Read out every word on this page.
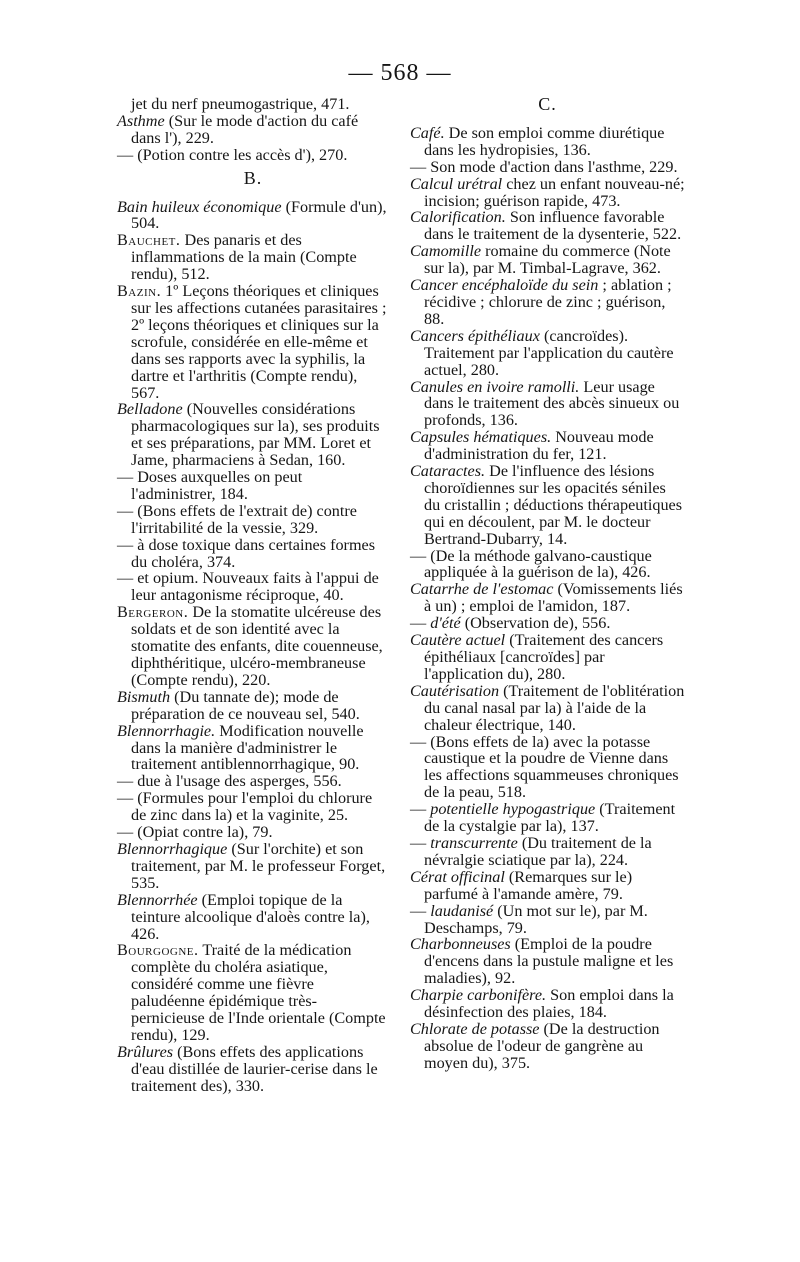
— 568 —

jet du nerf pneumogastrique, 471.

Asthme (Sur le mode d'action du café dans l'), 229.

— (Potion contre les accès d'), 270.

B.

Bain huileux économique (Formule d'un), 504.

Bauchet. Des panaris et des inflammations de la main (Compte rendu), 512.

Bazin. 1º Leçons théoriques et cliniques sur les affections cutanées parasitaires ; 2º leçons théoriques et cliniques sur la scrofule, considérée en elle-même et dans ses rapports avec la syphilis, la dartre et l'arthritis (Compte rendu), 567.

Belladone (Nouvelles considérations pharmacologiques sur la), ses produits et ses préparations, par MM. Loret et Jame, pharmaciens à Sedan, 160.

— Doses auxquelles on peut l'administrer, 184.

— (Bons effets de l'extrait de) contre l'irritabilité de la vessie, 329.

— à dose toxique dans certaines formes du choléra, 374.

— et opium. Nouveaux faits à l'appui de leur antagonisme réciproque, 40.

Bergeron. De la stomatite ulcéreuse des soldats et de son identité avec la stomatite des enfants, dite couenneuse, diphthéritique, ulcéro-membraneuse (Compte rendu), 220.

Bismuth (Du tannate de); mode de préparation de ce nouveau sel, 540.

Blennorrhagie. Modification nouvelle dans la manière d'administrer le traitement antiblennorrhagique, 90.

— due à l'usage des asperges, 556.

— (Formules pour l'emploi du chlorure de zinc dans la) et la vaginite, 25.

— (Opiat contre la), 79.

Blennorrhagique (Sur l'orchite) et son traitement, par M. le professeur Forget, 535.

Blennorrhée (Emploi topique de la teinture alcoolique d'aloès contre la), 426.

Bourgogne. Traité de la médication complète du choléra asiatique, considéré comme une fièvre paludéenne épidémique très-pernicieuse de l'Inde orientale (Compte rendu), 129.

Brûlures (Bons effets des applications d'eau distillée de laurier-cerise dans le traitement des), 330.

C.

Café. De son emploi comme diurétique dans les hydropisies, 136.

— Son mode d'action dans l'asthme, 229.

Calcul urétral chez un enfant nouveau-né; incision; guérison rapide, 473.

Calorification. Son influence favorable dans le traitement de la dysenterie, 522.

Camomille romaine du commerce (Note sur la), par M. Timbal-Lagrave, 362.

Cancer encéphaloïde du sein ; ablation ; récidive ; chlorure de zinc ; guérison, 88.

Cancers épithéliaux (cancroïdes). Traitement par l'application du cautère actuel, 280.

Canules en ivoire ramolli. Leur usage dans le traitement des abcès sinueux ou profonds, 136.

Capsules hématiques. Nouveau mode d'administration du fer, 121.

Cataractes. De l'influence des lésions choroïdiennes sur les opacités séniles du cristallin ; déductions thérapeutiques qui en découlent, par M. le docteur Bertrand-Dubarry, 14.

— (De la méthode galvano-caustique appliquée à la guérison de la), 426.

Catarrhe de l'estomac (Vomissements liés à un) ; emploi de l'amidon, 187.

— d'été (Observation de), 556.

Cautère actuel (Traitement des cancers épithéliaux [cancroïdes] par l'application du), 280.

Cautérisation (Traitement de l'oblitération du canal nasal par la) à l'aide de la chaleur électrique, 140.

— (Bons effets de la) avec la potasse caustique et la poudre de Vienne dans les affections squammeuses chroniques de la peau, 518.

— potentielle hypogastrique (Traitement de la cystalgie par la), 137.

— transcurrente (Du traitement de la névralgie sciatique par la), 224.

Cérat officinal (Remarques sur le) parfumé à l'amande amère, 79.

— laudanisé (Un mot sur le), par M. Deschamps, 79.

Charbonneuses (Emploi de la poudre d'encens dans la pustule maligne et les maladies), 92.

Charpie carbonifère. Son emploi dans la désinfection des plaies, 184.

Chlorate de potasse (De la destruction absolue de l'odeur de gangrène au moyen du), 375.
